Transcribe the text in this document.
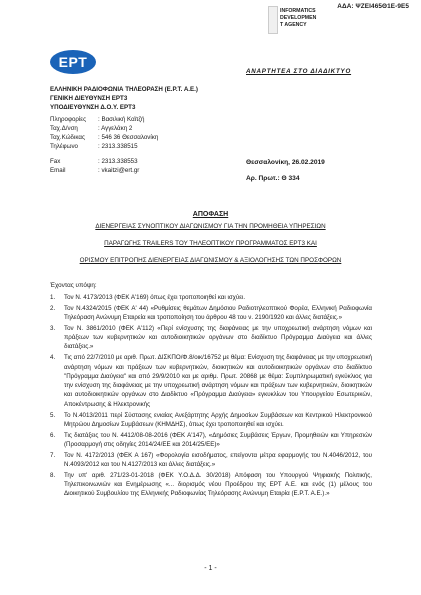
ΑΔΑ: ΨΖΕΙ465Θ1Ε-9Ε5
INFORMATICS
DEVELOPMEN
T AGENCY
ΕΡΤ
ΑΝΑΡΤΗΤΕΑ ΣΤΟ ΔΙΑΔΙΚΤΥΟ
ΕΛΛΗΝΙΚΗ ΡΑΔΙΟΦΩΝΙΑ ΤΗΛΕΟΡΑΣΗ (Ε.Ρ.Τ. Α.Ε.)
ΓΕΝΙΚΗ ΔΙΕΥΘΥΝΣΗ ΕΡΤ3
ΥΠΟΔΙΕΥΘΥΝΣΗ Δ.Ο.Υ. ΕΡΤ3
Πληροφορίες : Βασιλική Καϊτζή
Ταχ.Δ/νση	: Αγγελάκη 2
Ταχ.Κώδικας : 546 36 Θεσσαλονίκη
Τηλέφωνο	: 2313.338515
Fax	: 2313.338553
Email	: vkaitzi@ert.gr
Θεσσαλονίκη, 26.02.2019
Αρ. Πρωτ.: Θ 334
ΑΠΟΦΑΣΗ
ΔΙΕΝΕΡΓΕΙΑΣ ΣΥΝΟΠΤΙΚΟΥ ΔΙΑΓΩΝΙΣΜΟΥ ΓΙΑ ΤΗΝ ΠΡΟΜΗΘΕΙΑ ΥΠΗΡΕΣΙΩΝ
ΠΑΡΑΓΩΓΗΣ TRAILERS ΤΟΥ ΤΗΛΕΟΠΤΙΚΟΥ ΠΡΟΓΡΑΜΜΑΤΟΣ ΕΡΤ3 ΚΑΙ
ΟΡΙΣΜΟΥ ΕΠΙΤΡΟΠΗΣ ΔΙΕΝΕΡΓΕΙΑΣ ΔΙΑΓΩΝΙΣΜΟΥ & ΑΞΙΟΛΟΓΗΣΗΣ ΤΩΝ ΠΡΟΣΦΟΡΩΝ
Έχοντας υπόψη:
1. Τον Ν. 4173/2013 (ΦΕΚ Α'169) όπως έχει τροποποιηθεί και ισχύει.
2. Τον Ν.4324/2015 (ΦΕΚ Α' 44) «Ρυθμίσεις θεμάτων Δημόσιου Ραδιοτηλεοπτικού Φορέα, Ελληνική Ραδιοφωνία Τηλεόραση Ανώνυμη Εταιρεία και τροποποίηση του άρθρου 48 του ν. 2190/1920 και άλλες διατάξεις.»
3. Τον Ν. 3861/2010 (ΦΕΚ Α'112) «Περί ενίσχυσης της διαφάνειας με την υποχρεωτική ανάρτηση νόμων και πράξεων των κυβερνητικών και αυτοδιοικητικών οργάνων στο διαδίκτυο Πρόγραμμα Διαύγεια και άλλες διατάξεις.»
4. Τις από 22/7/2010 με αριθ. Πρωτ. ΔΙΣΚΠΟ/Φ.8/οικ/16752 με θέμα: Ενίσχυση της διαφάνειας με την υποχρεωτική ανάρτηση νόμων και πράξεων των κυβερνητικών, διοικητικών και αυτοδιοικητικών οργάνων στο διαδίκτυο "Πρόγραμμα Διαύγεια" και από 29/9/2010 και με αριθμ. Πρωτ. 20868 με θέμα: Συμπληρωματική εγκύκλιος για την ενίσχυση της διαφάνειας με την υποχρεωτική ανάρτηση νόμων και πράξεων των κυβερνητικών, διοικητικών και αυτοδιοικητικών οργάνων στο Διαδίκτυο «Πρόγραμμα Διαύγεια» εγκυκλίων του Υπουργείου Εσωτερικών, Αποκέντρωσης & Ηλεκτρονικής
5. Το Ν.4013/2011 περί Σύστασης ενιαίας Ανεξάρτητης Αρχής Δημοσίων Συμβάσεων και Κεντρικού Ηλεκτρονικού Μητρώου Δημοσίων Συμβάσεων (ΚΗΜΔΗΣ), όπως έχει τροποποιηθεί και ισχύει.
6. Τις διατάξεις του Ν. 4412/08-08-2016 (ΦΕΚ Α'147), «Δημόσιες Συμβάσεις Έργων, Προμηθειών και Υπηρεσιών (Προσαρμογή στις οδηγίες 2014/24/ΕΕ και 2014/25/ΕΕ)»
7. Τον Ν. 4172/2013 (ΦΕΚ Α 167) «Φορολογία εισοδήματος, επείγοντα μέτρα εφαρμογής του Ν.4046/2012, του Ν.4093/2012 και του Ν.4127/2013 και άλλες διατάξεις.»
8. Την υπ' αριθ. 271/23-01-2018 (ΦΕΚ Υ.Ο.Δ.Δ. 30/2018) Απόφαση του Υπουργού Ψηφιακής Πολιτικής, Τηλεπικοινωνιών και Ενημέρωσης «... διορισμός νέου Προέδρου της ΕΡΤ Α.Ε. και ενός (1) μέλους του Διοικητικού Συμβουλίου της Ελληνικής Ραδιοφωνίας Τηλεόρασης Ανώνυμη Εταιρία (Ε.Ρ.Τ. Α.Ε.).»
- 1 -
